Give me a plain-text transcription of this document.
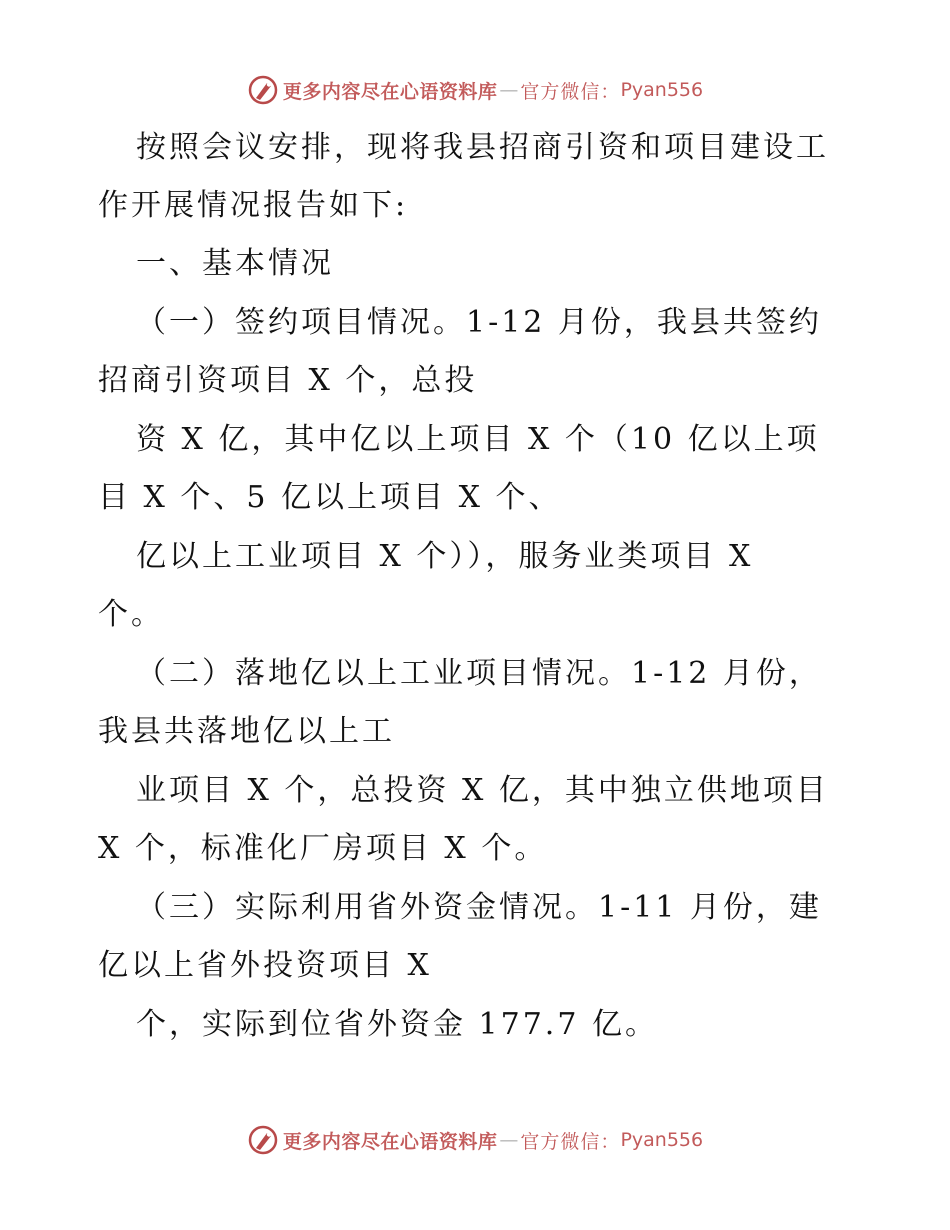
更多内容尽在心语资料库 — 官方微信： Pyan556
按照会议安排，现将我县招商引资和项目建设工
作开展情况报告如下:
一、基本情况
（一）签约项目情况。1-12 月份，我县共签约
招商引资项目 X 个，总投
资 X 亿，其中亿以上项目 X 个（10 亿以上项
目 X 个、5 亿以上项目 X 个、
亿以上工业项目 X 个）），服务业类项目 X
个。
（二）落地亿以上工业项目情况。1-12 月份，
我县共落地亿以上工
业项目 X 个，总投资 X 亿，其中独立供地项目
X 个，标准化厂房项目 X 个。
（三）实际利用省外资金情况。1-11 月份，建
亿以上省外投资项目 X
个，实际到位省外资金 177.7 亿。
更多内容尽在心语资料库 — 官方微信： Pyan556
